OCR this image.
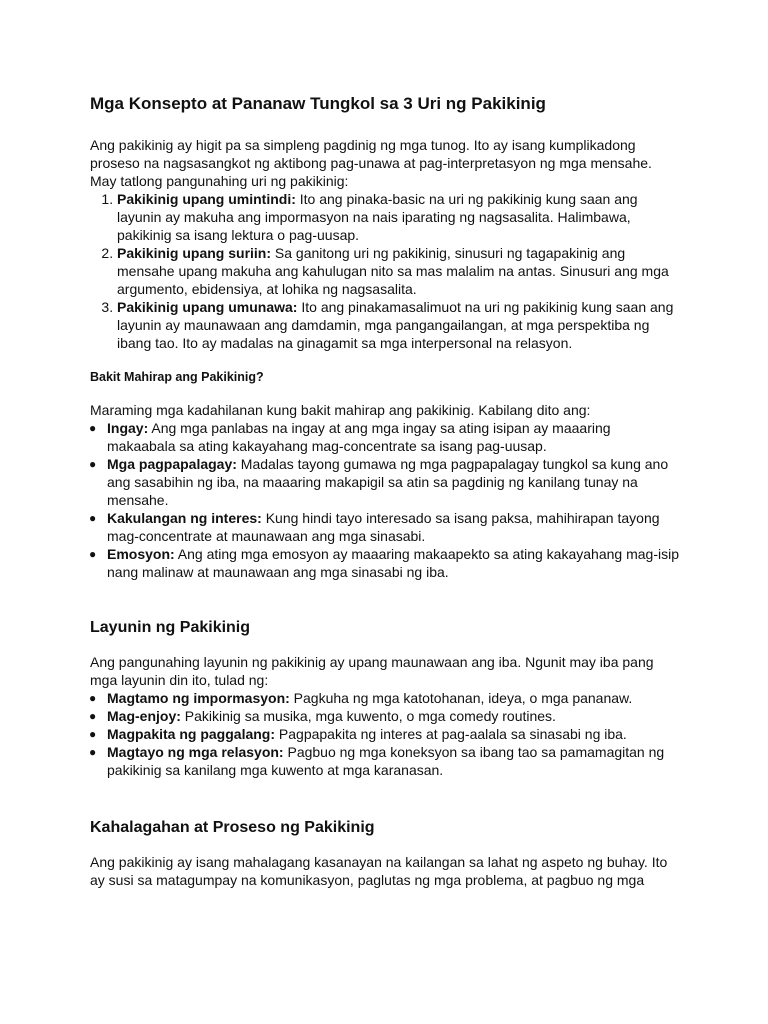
Mga Konsepto at Pananaw Tungkol sa 3 Uri ng Pakikinig

Ang pakikinig ay higit pa sa simpleng pagdinig ng mga tunog. Ito ay isang kumplikadong proseso na nagsasangkot ng aktibong pag-unawa at pag-interpretasyon ng mga mensahe. May tatlong pangunahing uri ng pakikinig:

1. Pakikinig upang umintindi: Ito ang pinaka-basic na uri ng pakikinig kung saan ang layunin ay makuha ang impormasyon na nais iparating ng nagsasalita. Halimbawa, pakikinig sa isang lektura o pag-uusap.
2. Pakikinig upang suriin: Sa ganitong uri ng pakikinig, sinusuri ng tagapakinig ang mensahe upang makuha ang kahulugan nito sa mas malalim na antas. Sinusuri ang mga argumento, ebidensiya, at lohika ng nagsasalita.
3. Pakikinig upang umunawa: Ito ang pinakamasalimuot na uri ng pakikinig kung saan ang layunin ay maunawaan ang damdamin, mga pangangailangan, at mga perspektiba ng ibang tao. Ito ay madalas na ginagamit sa mga interpersonal na relasyon.
Bakit Mahirap ang Pakikinig?

Maraming mga kadahilanan kung bakit mahirap ang pakikinig. Kabilang dito ang:

● Ingay: Ang mga panlabas na ingay at ang mga ingay sa ating isipan ay maaaring makaabala sa ating kakayahang mag-concentrate sa isang pag-uusap.
● Mga pagpapalagay: Madalas tayong gumawa ng mga pagpapalagay tungkol sa kung ano ang sasabihin ng iba, na maaaring makapigil sa atin sa pagdinig ng kanilang tunay na mensahe.
● Kakulangan ng interes: Kung hindi tayo interesado sa isang paksa, mahihirapan tayong mag-concentrate at maunawaan ang mga sinasabi.
● Emosyon: Ang ating mga emosyon ay maaaring makaapekto sa ating kakayahang mag-isip nang malinaw at maunawaan ang mga sinasabi ng iba.
Layunin ng Pakikinig

Ang pangunahing layunin ng pakikinig ay upang maunawaan ang iba. Ngunit may iba pang mga layunin din ito, tulad ng:

● Magtamo ng impormasyon: Pagkuha ng mga katotohanan, ideya, o mga pananaw.
● Mag-enjoy: Pakikinig sa musika, mga kuwento, o mga comedy routines.
● Magpakita ng paggalang: Pagpapakita ng interes at pag-aalala sa sinasabi ng iba.
● Magtayo ng mga relasyon: Pagbuo ng mga koneksyon sa ibang tao sa pamamagitan ng pakikinig sa kanilang mga kuwento at mga karanasan.
Kahalagahan at Proseso ng Pakikinig

Ang pakikinig ay isang mahalagang kasanayan na kailangan sa lahat ng aspeto ng buhay. Ito ay susi sa matagumpay na komunikasyon, paglutas ng mga problema, at pagbuo ng mga
